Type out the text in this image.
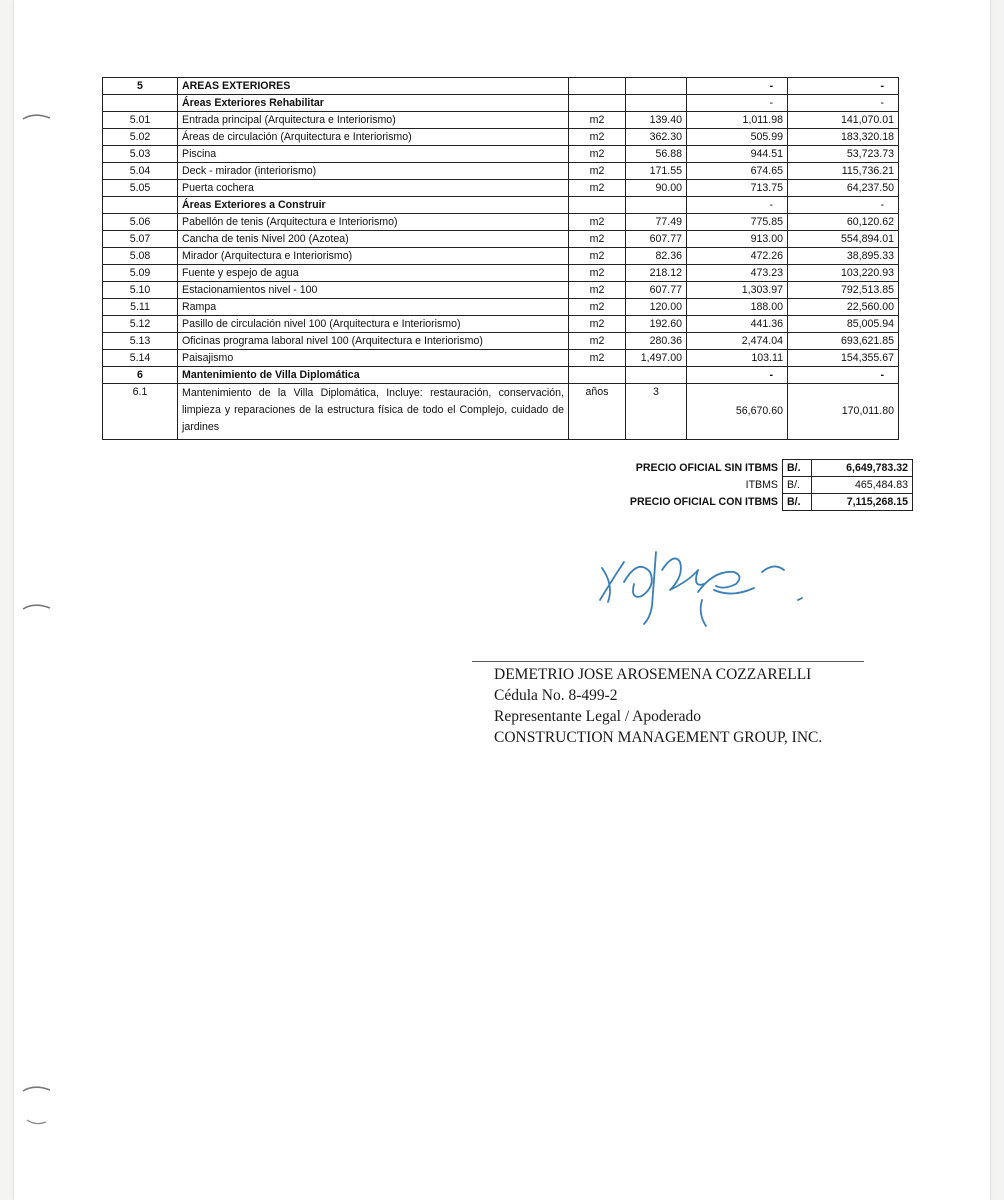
5	AREAS EXTERIORES			-	-
	Áreas Exteriores Rehabilitar			-	-
5.01	Entrada principal (Arquitectura e Interiorismo)	m2	139.40	1,011.98	141,070.01
5.02	Áreas de circulación (Arquitectura e Interiorismo)	m2	362.30	505.99	183,320.18
5.03	Piscina	m2	56.88	944.51	53,723.73
5.04	Deck - mirador (interiorismo)	m2	171.55	674.65	115,736.21
5.05	Puerta cochera	m2	90.00	713.75	64,237.50
	Áreas Exteriores a Construir			-	-
5.06	Pabellón de tenis (Arquitectura e Interiorismo)	m2	77.49	775.85	60,120.62
5.07	Cancha de tenis Nivel 200 (Azotea)	m2	607.77	913.00	554,894.01
5.08	Mirador (Arquitectura e Interiorismo)	m2	82.36	472.26	38,895.33
5.09	Fuente y espejo de agua	m2	218.12	473.23	103,220.93
5.10	Estacionamientos nivel - 100	m2	607.77	1,303.97	792,513.85
5.11	Rampa	m2	120.00	188.00	22,560.00
5.12	Pasillo de circulación nivel 100 (Arquitectura e Interiorismo)	m2	192.60	441.36	85,005.94
5.13	Oficinas programa laboral nivel 100 (Arquitectura e Interiorismo)	m2	280.36	2,474.04	693,621.85
5.14	Paisajismo	m2	1,497.00	103.11	154,355.67
6	Mantenimiento de Villa Diplomática			-	-
6.1	Mantenimiento de la Villa Diplomática, Incluye: restauración, conservación, limpieza y reparaciones de la estructura física de todo el Complejo, cuidado de jardines	años	3	56,670.60	170,011.80
PRECIO OFICIAL SIN ITBMS	B/.	6,649,783.32
ITBMS	B/.	465,484.83
PRECIO OFICIAL CON ITBMS	B/.	7,115,268.15
DEMETRIO JOSE AROSEMENA COZZARELLI
Cédula No. 8-499-2
Representante Legal / Apoderado
CONSTRUCTION MANAGEMENT GROUP, INC.
